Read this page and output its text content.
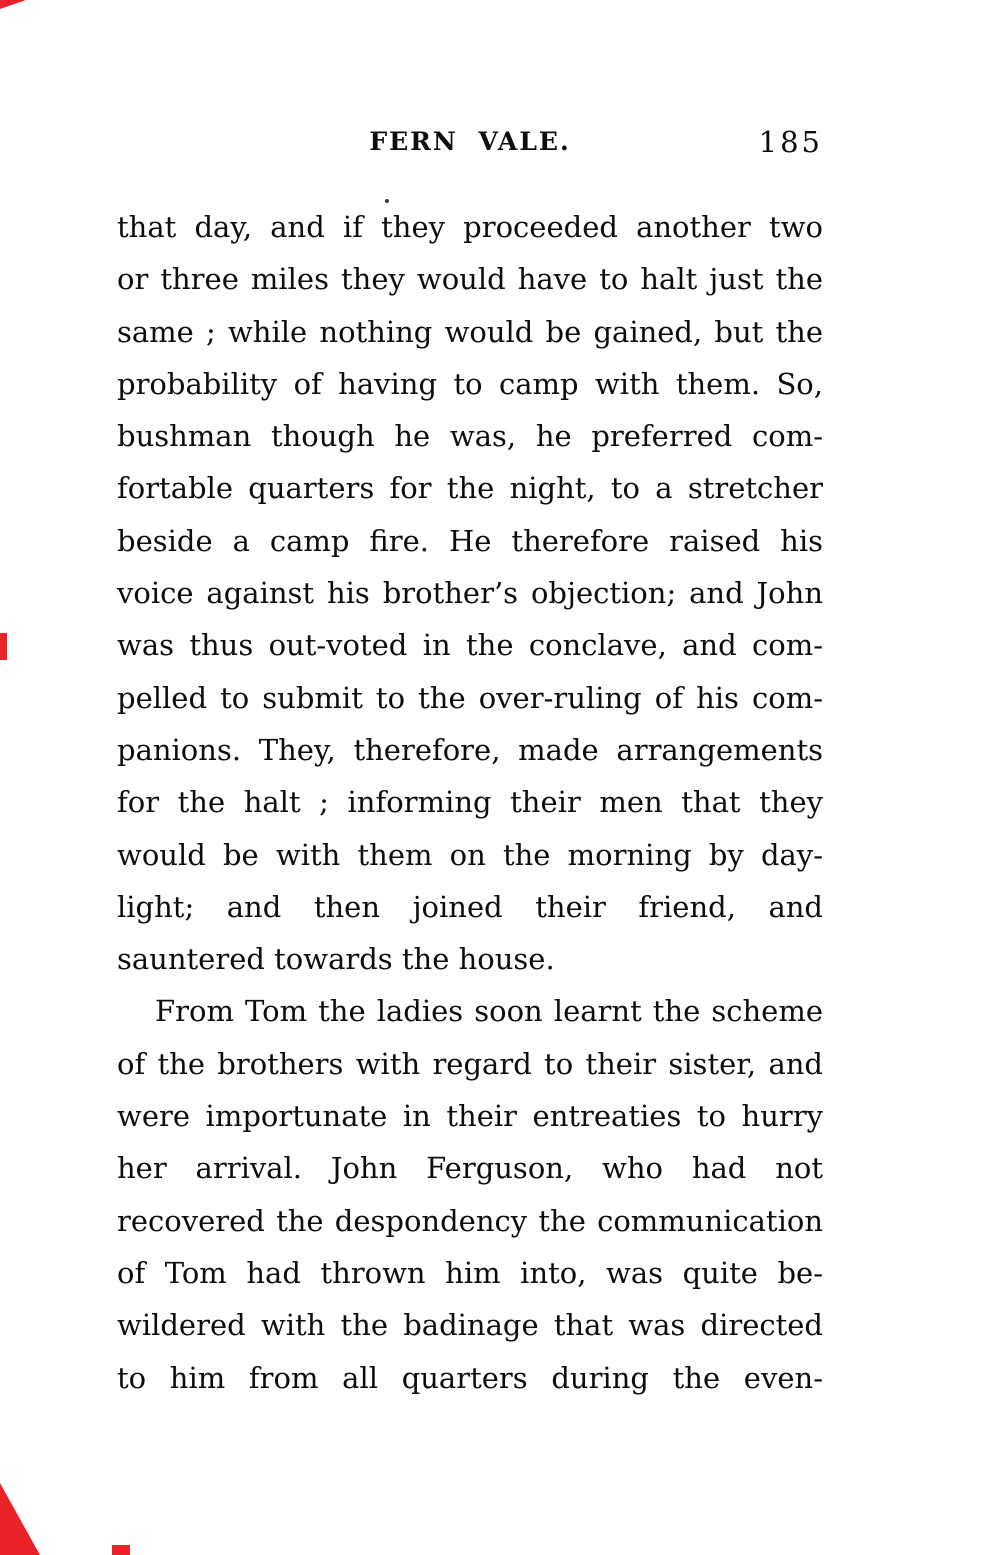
FERN VALE.	185
that day, and if they proceeded another two
or three miles they would have to halt just the
same ; while nothing would be gained, but the
probability of having to camp with them. So,
bushman though he was, he preferred com-
fortable quarters for the night, to a stretcher
beside a camp fire. He therefore raised his
voice against his brother’s objection; and John
was thus out-voted in the conclave, and com-
pelled to submit to the over-ruling of his com-
panions. They, therefore, made arrangements
for the halt ; informing their men that they
would be with them on the morning by day-
light; and then joined their friend, and
sauntered towards the house.
From Tom the ladies soon learnt the scheme
of the brothers with regard to their sister, and
were importunate in their entreaties to hurry
her arrival. John Ferguson, who had not
recovered the despondency the communication
of Tom had thrown him into, was quite be-
wildered with the badinage that was directed
to him from all quarters during the even-
